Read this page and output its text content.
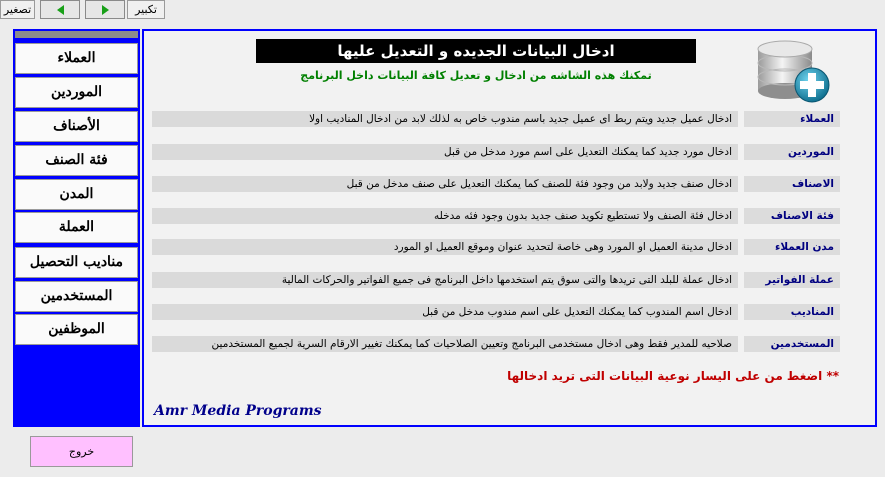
تصغير	تكبير
العملاء
الموردين
الأصناف
فئة الصنف
المدن
العملة
مناديب التحصيل
المستخدمين
الموظفين
ادخال البيانات الجديده و التعديل عليها
تمكنك هذه الشاشه من ادخال و تعديل كافة البيانات داخل البرنامج
ادخال عميل جديد ويتم ربط اى عميل جديد باسم مندوب خاص به لذلك لابد من ادخال المناديب اولا	العملاء
ادخال مورد جديد كما يمكنك التعديل على اسم مورد مدخل من قبل	الموردين
ادخال صنف جديد ولابد من وجود فئة للصنف كما يمكنك التعديل على صنف مدخل من قبل	الاصناف
ادخال فئة الصنف ولا تستطيع تكويد صنف جديد بدون وجود فئه مدخله	فئة الاصناف
ادخال مدينة العميل او المورد وهى خاصة لتحديد عنوان وموقع العميل او المورد	مدن العملاء
ادخال عملة للبلد التى تريدها والتى سوق يتم استخدمها داخل البرنامج فى جميع الفواتير والحركات المالية	عملة الفواتير
ادخال اسم المندوب كما يمكنك التعديل على اسم مندوب مدخل من قبل	المناديب
صلاحيه للمدير فقط وهى ادخال مستخدمى البرنامج وتعيين الصلاحيات كما يمكنك تغيير الارقام السرية لجميع المستخدمين	المستخدمين
** اضغط من على اليسار نوعية البيانات التى تريد ادخالها
Amr Media Programs
خروج
